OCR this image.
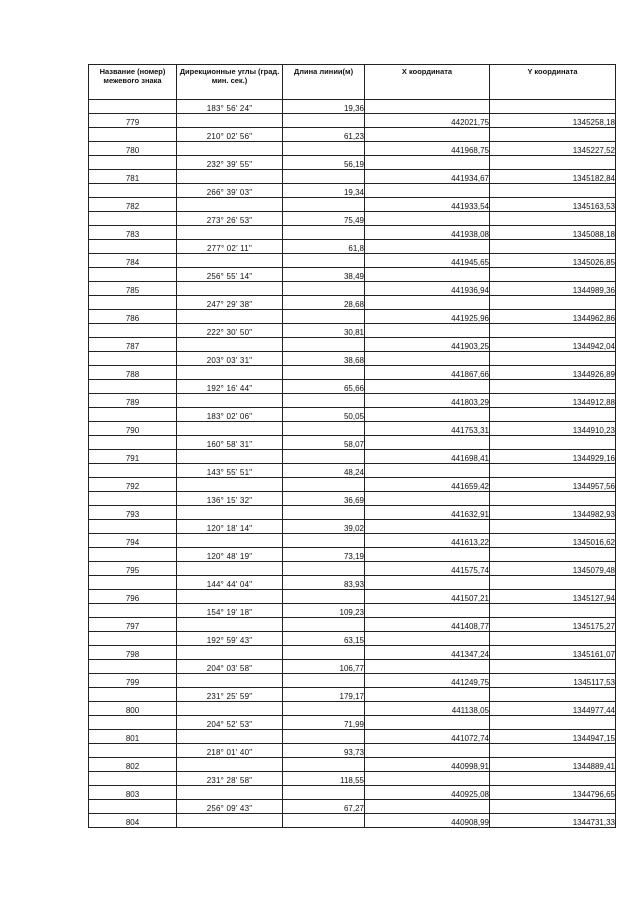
Название (номер) межевого знака	Дирекционные углы (град. мин. сек.)	Длина линии(м)	X координата	Y координата
	183° 56' 24"	19,36		
779			442021,75	1345258,18
	210° 02' 56"	61,23		
780			441968,75	1345227,52
	232° 39' 55"	56,19		
781			441934,67	1345182,84
	266° 39' 03"	19,34		
782			441933,54	1345163,53
	273° 26' 53"	75,49		
783			441938,08	1345088,18
	277° 02' 11"	61,8		
784			441945,65	1345026,85
	256° 55' 14"	38,49		
785			441936,94	1344989,36
	247° 29' 38"	28,68		
786			441925,96	1344962,86
	222° 30' 50"	30,81		
787			441903,25	1344942,04
	203° 03' 31"	38,68		
788			441867,66	1344926,89
	192° 16' 44"	65,66		
789			441803,29	1344912,88
	183° 02' 06"	50,05		
790			441753,31	1344910,23
	160° 58' 31"	58,07		
791			441698,41	1344929,16
	143° 55' 51"	48,24		
792			441659,42	1344957,56
	136° 15' 32"	36,69		
793			441632,91	1344982,93
	120° 18' 14"	39,02		
794			441613,22	1345016,62
	120° 48' 19"	73,19		
795			441575,74	1345079,48
	144° 44' 04"	83,93		
796			441507,21	1345127,94
	154° 19' 18"	109,23		
797			441408,77	1345175,27
	192° 59' 43"	63,15		
798			441347,24	1345161,07
	204° 03' 58"	106,77		
799			441249,75	1345117,53
	231° 25' 59"	179,17		
800			441138,05	1344977,44
	204° 52' 53"	71,99		
801			441072,74	1344947,15
	218° 01' 40"	93,73		
802			440998,91	1344889,41
	231° 28' 58"	118,55		
803			440925,08	1344796,65
	256° 09' 43"	67,27		
804			440908,99	1344731,33
